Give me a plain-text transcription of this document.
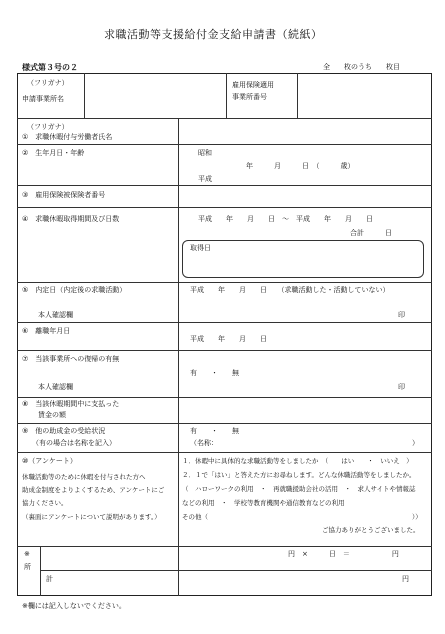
求職活動等支援給付金支給申請書（続紙）
様式第３号の２	全　　枚のうち　　枚目
（フリガナ）
申請事業所名
雇用保険適用
事業所番号
（フリガナ）
①　求職休暇付与労働者氏名
②　生年月日・年齢	昭和
年　　　月　　　日　（　　　歳）
平成
③　雇用保険被保険者番号
④　求職休暇取得期間及び日数	平成　　年　　月　　日　〜　平成　　年　　月　　日
合計　　　日
取得日
⑤　内定日（内定後の求職活動）	平成　　年　　月　　日　　（求職活動した・活動していない）
本人確認欄	印
⑥　離職年月日
平成　　年　　月　　日
⑦　当該事業所への復帰の有無
有　　・　　無
本人確認欄	印
⑧　当該休暇期間中に支払った
賃金の額
⑨　他の助成金の受給状況
（有の場合は名称を記入）
有　　・　　無
（名称：	）
⑩（アンケート）
休職活動等のために休暇を付与された方へ
助成金制度をよりよくするため、アンケートにご
協力ください。
（裏面にアンケートについて説明があります。）
１．休暇中に具体的な求職活動等をしましたか　（　　はい　　・　いいえ　）
２．１で「はい」と答えた方にお尋ねします。どんな休職活動等をしましたか。
（　ハローワークの利用　・　再就職援助会社の活用　・　求人サイトや情報誌
などの利用　・　学校等教育機関や通信教育などの利用
その他（	））
ご協力ありがとうございました。
※
所
円　×　　　日　＝　　　　　　円
計	円
※欄には記入しないでください。
